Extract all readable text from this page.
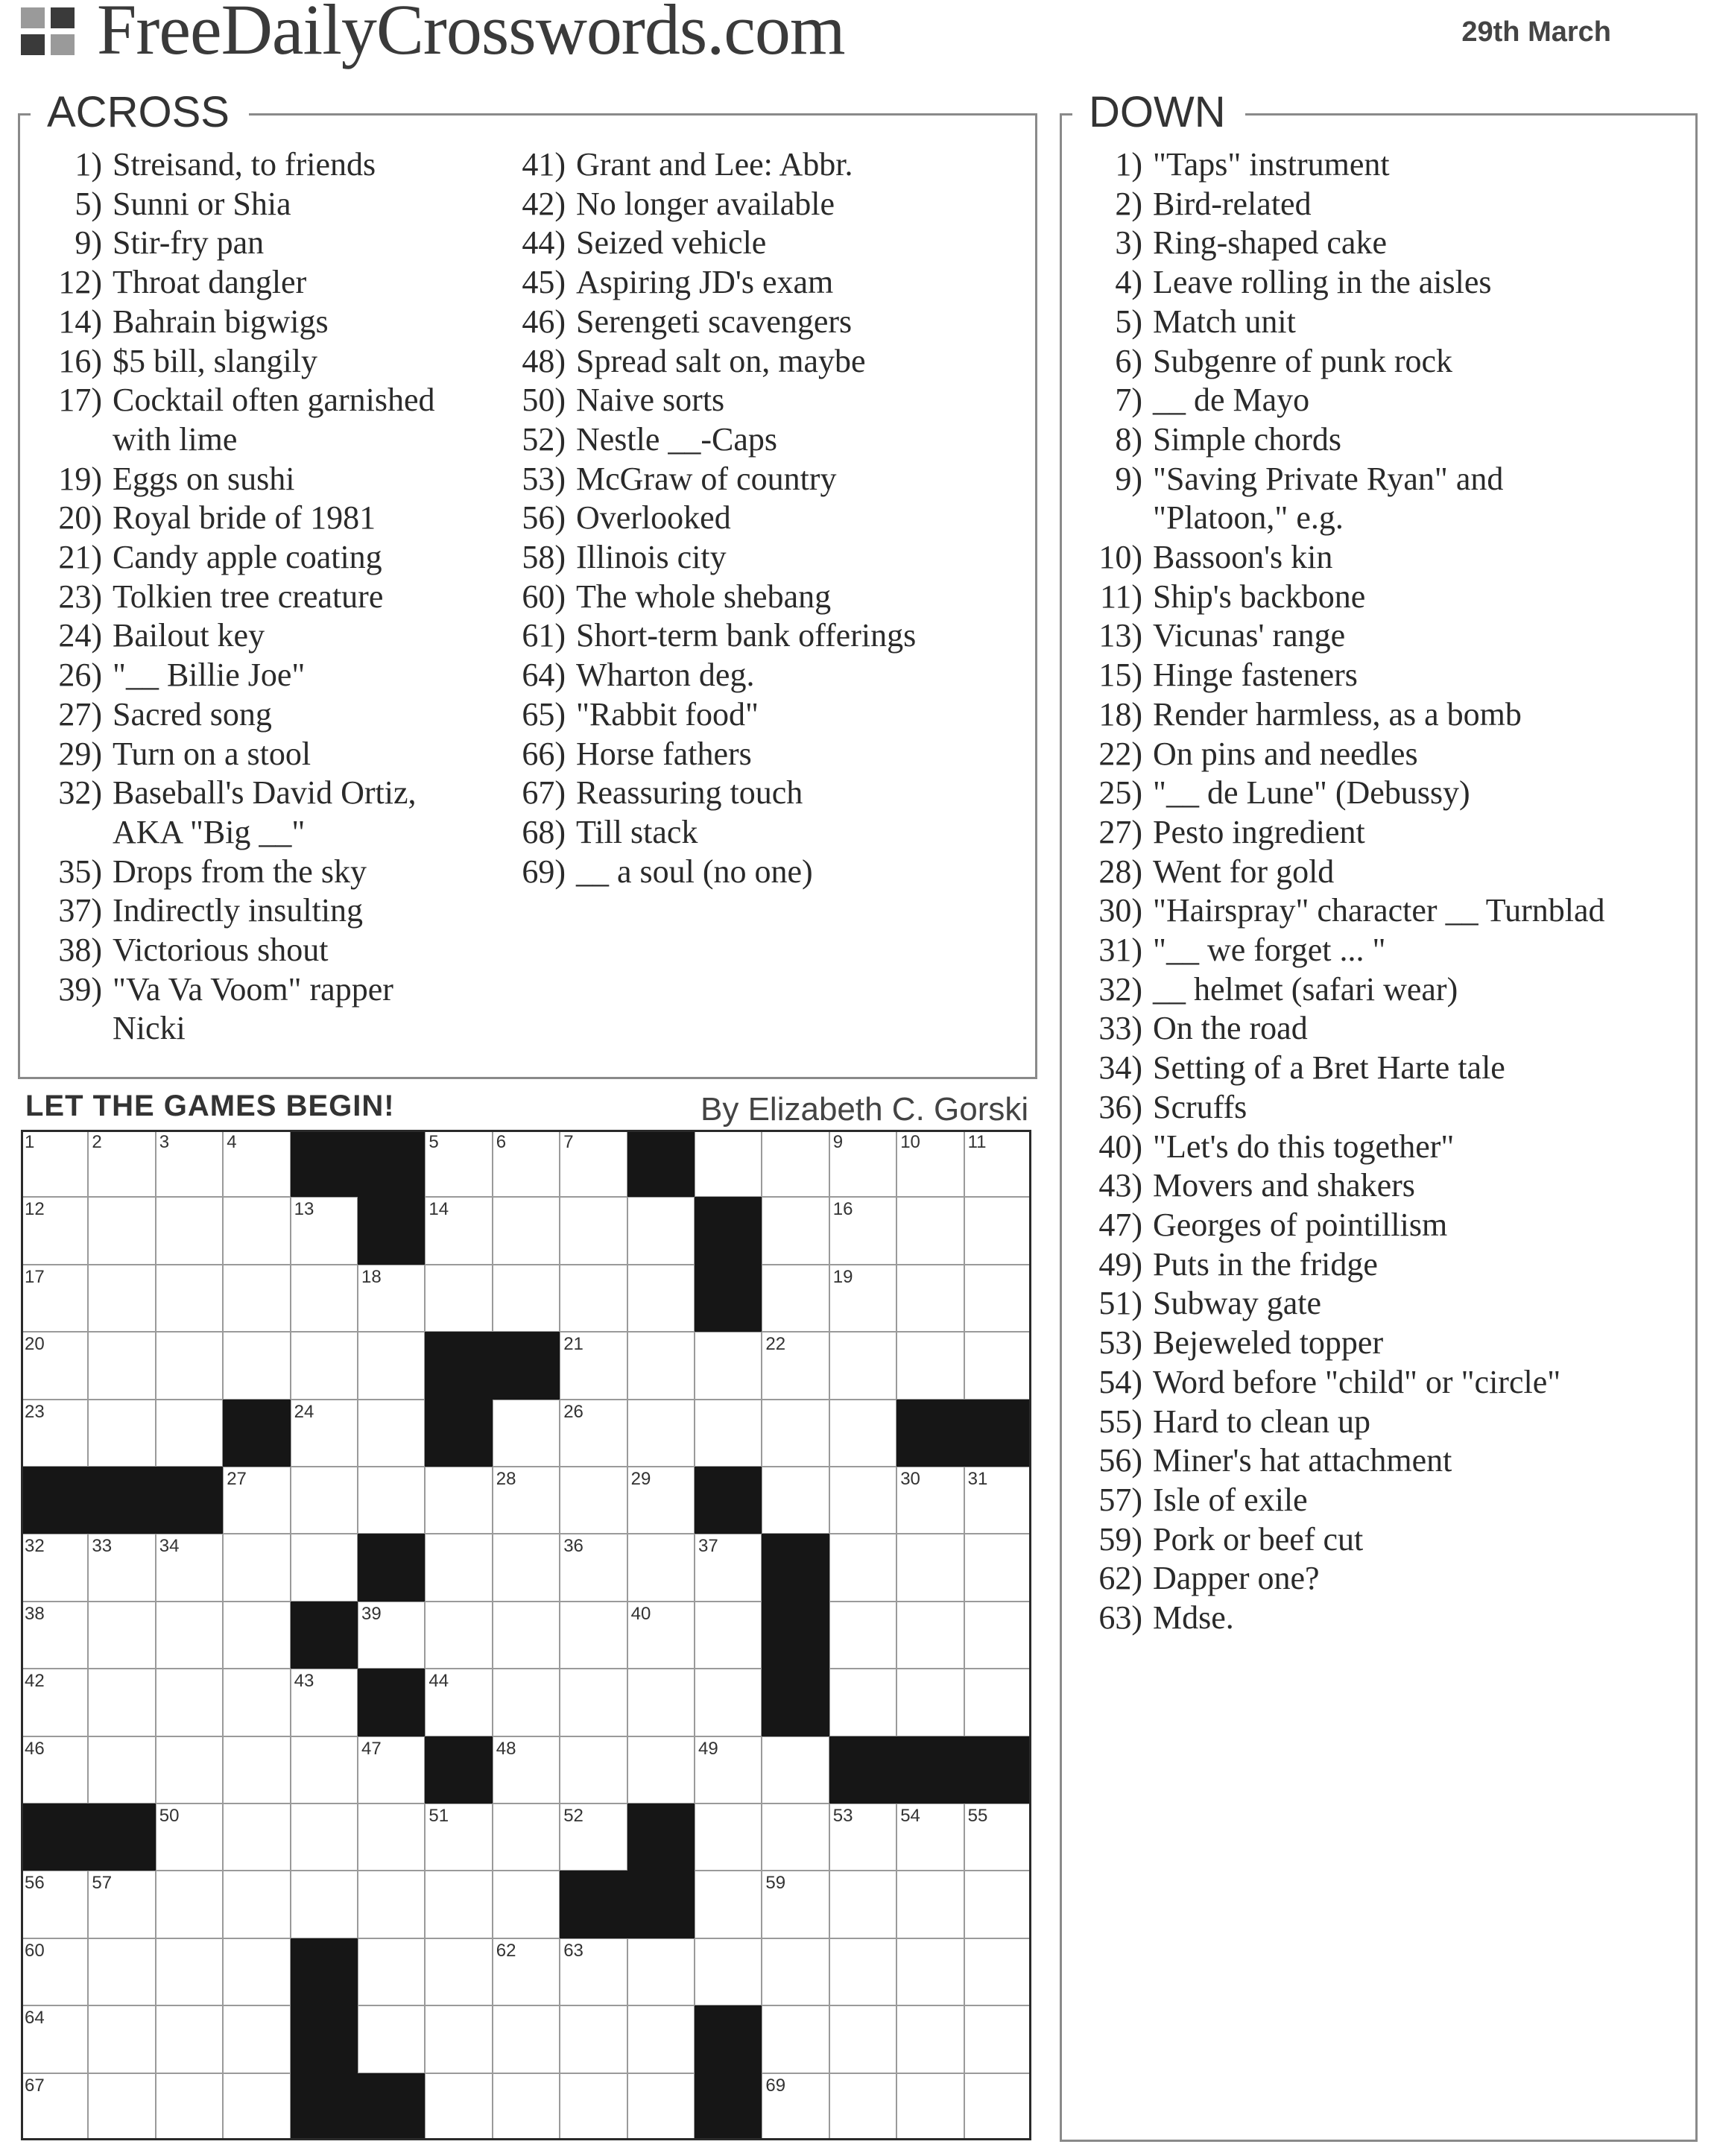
FreeDailyCrosswords.com	29th March
ACROSS
1) Streisand, to friends
5) Sunni or Shia
9) Stir-fry pan
12) Throat dangler
14) Bahrain bigwigs
16) $5 bill, slangily
17) Cocktail often garnished
with lime
19) Eggs on sushi
20) Royal bride of 1981
21) Candy apple coating
23) Tolkien tree creature
24) Bailout key
26) "__ Billie Joe"
27) Sacred song
29) Turn on a stool
32) Baseball's David Ortiz,
AKA "Big __"
35) Drops from the sky
37) Indirectly insulting
38) Victorious shout
39) "Va Va Voom" rapper
Nicki
41) Grant and Lee: Abbr.
42) No longer available
44) Seized vehicle
45) Aspiring JD's exam
46) Serengeti scavengers
48) Spread salt on, maybe
50) Naive sorts
52) Nestle __-Caps
53) McGraw of country
56) Overlooked
58) Illinois city
60) The whole shebang
61) Short-term bank offerings
64) Wharton deg.
65) "Rabbit food"
66) Horse fathers
67) Reassuring touch
68) Till stack
69) __ a soul (no one)
DOWN
1) "Taps" instrument
2) Bird-related
3) Ring-shaped cake
4) Leave rolling in the aisles
5) Match unit
6) Subgenre of punk rock
7) __ de Mayo
8) Simple chords
9) "Saving Private Ryan" and
"Platoon," e.g.
10) Bassoon's kin
11) Ship's backbone
13) Vicunas' range
15) Hinge fasteners
18) Render harmless, as a bomb
22) On pins and needles
25) "__ de Lune" (Debussy)
27) Pesto ingredient
28) Went for gold
30) "Hairspray" character __ Turnblad
31) "__ we forget ... "
32) __ helmet (safari wear)
33) On the road
34) Setting of a Bret Harte tale
36) Scruffs
40) "Let's do this together"
43) Movers and shakers
47) Georges of pointillism
49) Puts in the fridge
51) Subway gate
53) Bejeweled topper
54) Word before "child" or "circle"
55) Hard to clean up
56) Miner's hat attachment
57) Isle of exile
59) Pork or beef cut
62) Dapper one?
63) Mdse.
LET THE GAMES BEGIN!	By Elizabeth C. Gorski
69
67
64
63
62
60
59
57
56
55
54
53
52
51
50
49
48
47
46
44
43
42
40
39
38
37
36
34
33
32
31
30
29
28
27
26
24
23
22
21
20
19
18
17
16
14
13
12
11
10
9
7
6
5
4
3
2
1
